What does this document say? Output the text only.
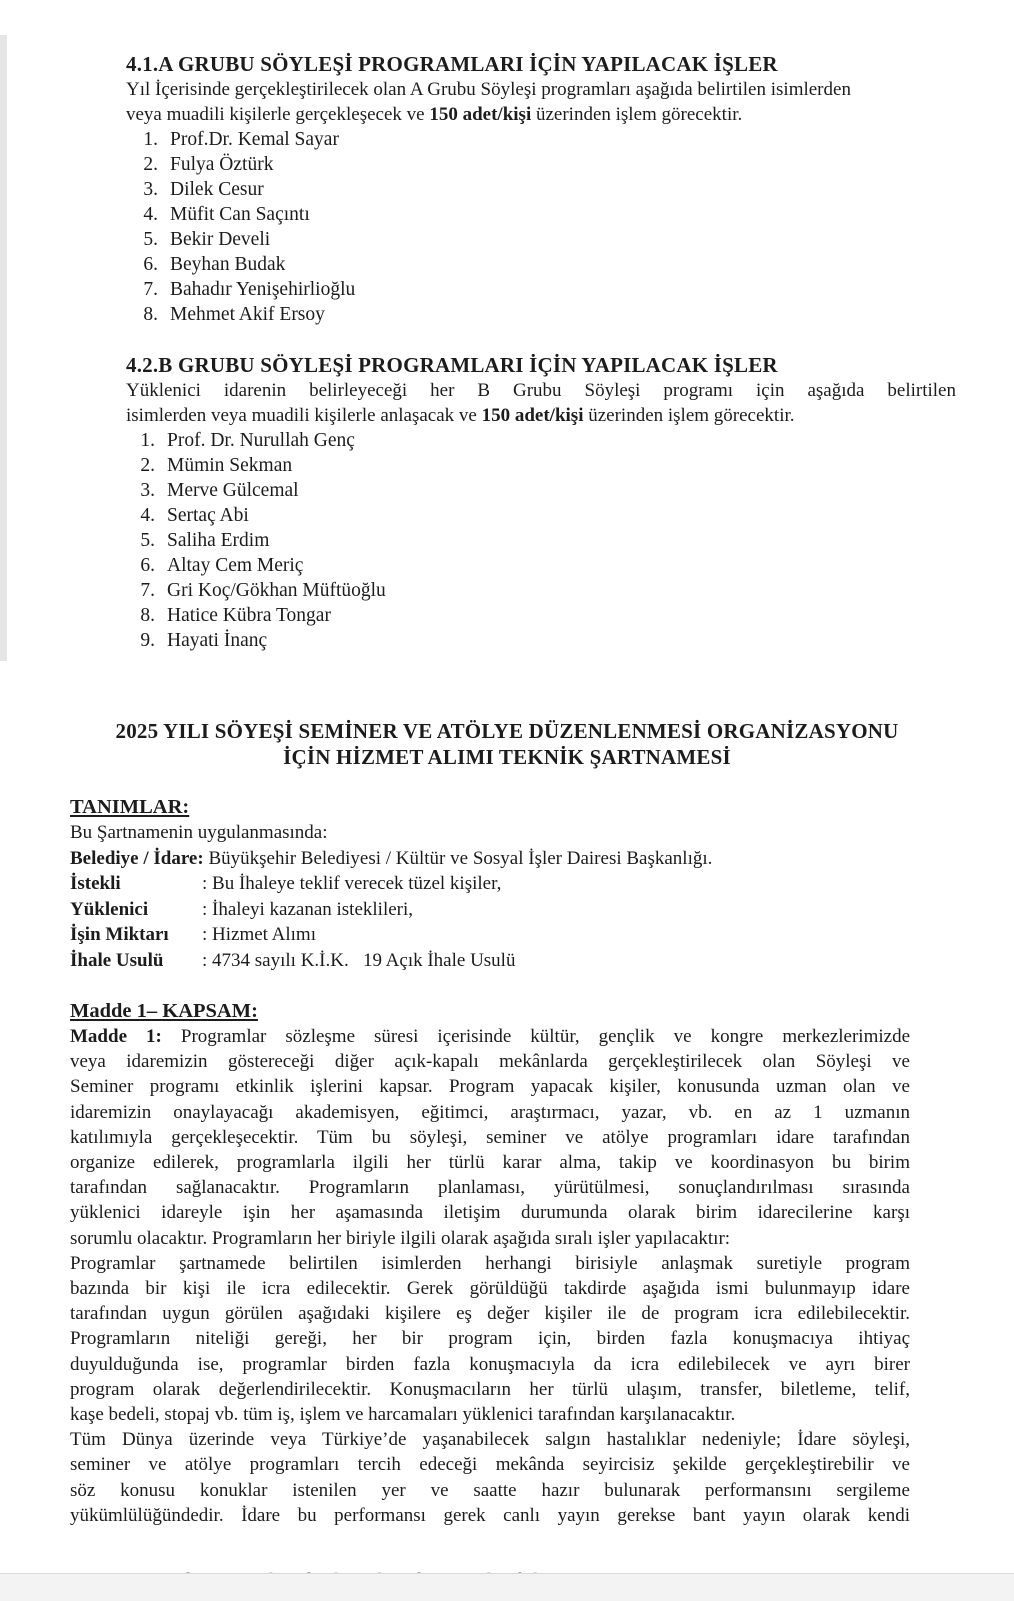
4.1.A GRUBU SÖYLEŞİ PROGRAMLARI İÇİN YAPILACAK İŞLER
Yıl İçerisinde gerçekleştirilecek olan A Grubu Söyleşi programları aşağıda belirtilen isimlerden
veya muadili kişilerle gerçekleşecek ve 150 adet/kişi üzerinden işlem görecektir.
1. Prof.Dr. Kemal Sayar
2. Fulya Öztürk
3. Dilek Cesur
4. Müfit Can Saçıntı
5. Bekir Develi
6. Beyhan Budak
7. Bahadır Yenişehirlioğlu
8. Mehmet Akif Ersoy
4.2.B GRUBU SÖYLEŞİ PROGRAMLARI İÇİN YAPILACAK İŞLER
Yüklenici idarenin belirleyeceği her B Grubu Söyleşi programı için aşağıda belirtilen
isimlerden veya muadili kişilerle anlaşacak ve 150 adet/kişi üzerinden işlem görecektir.
1. Prof. Dr. Nurullah Genç
2. Mümin Sekman
3. Merve Gülcemal
4. Sertaç Abi
5. Saliha Erdim
6. Altay Cem Meriç
7. Gri Koç/Gökhan Müftüoğlu
8. Hatice Kübra Tongar
9. Hayati İnanç
2025 YILI SÖYEŞİ SEMİNER VE ATÖLYE DÜZENLENMESİ ORGANİZASYONU
İÇİN HİZMET ALIMI TEKNİK ŞARTNAMESİ
TANIMLAR:
Bu Şartnamenin uygulanmasında:
Belediye / İdare: Büyükşehir Belediyesi / Kültür ve Sosyal İşler Dairesi Başkanlığı.
İstekli	: Bu İhaleye teklif verecek tüzel kişiler,
Yüklenici	: İhaleyi kazanan isteklileri,
İşin Miktarı : Hizmet Alımı
İhale Usulü : 4734 sayılı K.İ.K.   19 Açık İhale Usulü
Madde 1– KAPSAM:
Madde 1: Programlar sözleşme süresi içerisinde kültür, gençlik ve kongre merkezlerimizde
veya idaremizin göstereceği diğer açık-kapalı mekânlarda gerçekleştirilecek olan Söyleşi ve
Seminer programı etkinlik işlerini kapsar. Program yapacak kişiler, konusunda uzman olan ve
idaremizin onaylayacağı akademisyen, eğitimci, araştırmacı, yazar, vb. en az 1 uzmanın
katılımıyla gerçekleşecektir. Tüm bu söyleşi, seminer ve atölye programları idare tarafından
organize edilerek, programlarla ilgili her türlü karar alma, takip ve koordinasyon bu birim
tarafından sağlanacaktır. Programların planlaması, yürütülmesi, sonuçlandırılması sırasında
yüklenici idareyle işin her aşamasında iletişim durumunda olarak birim idarecilerine karşı
sorumlu olacaktır. Programların her biriyle ilgili olarak aşağıda sıralı işler yapılacaktır:
Programlar şartnamede belirtilen isimlerden herhangi birisiyle anlaşmak suretiyle program
bazında bir kişi ile icra edilecektir. Gerek görüldüğü takdirde aşağıda ismi bulunmayıp idare
tarafından uygun görülen aşağıdaki kişilere eş değer kişiler ile de program icra edilebilecektir.
Programların niteliği gereği, her bir program için, birden fazla konuşmacıya ihtiyaç
duyulduğunda ise, programlar birden fazla konuşmacıyla da icra edilebilecek ve ayrı birer
program olarak değerlendirilecektir. Konuşmacıların her türlü ulaşım, transfer, biletleme, telif,
kaşe bedeli, stopaj vb. tüm iş, işlem ve harcamaları yüklenici tarafından karşılanacaktır.
Tüm Dünya üzerinde veya Türkiye’de yaşanabilecek salgın hastalıklar nedeniyle; İdare söyleşi,
seminer ve atölye programları tercih edeceği mekânda seyircisiz şekilde gerçekleştirebilir ve
söz konusu konuklar istenilen yer ve saatte hazır bulunarak performansını sergileme
yükümlülüğündedir. İdare bu performansı gerek canlı yayın gerekse bant yayın olarak kendi
